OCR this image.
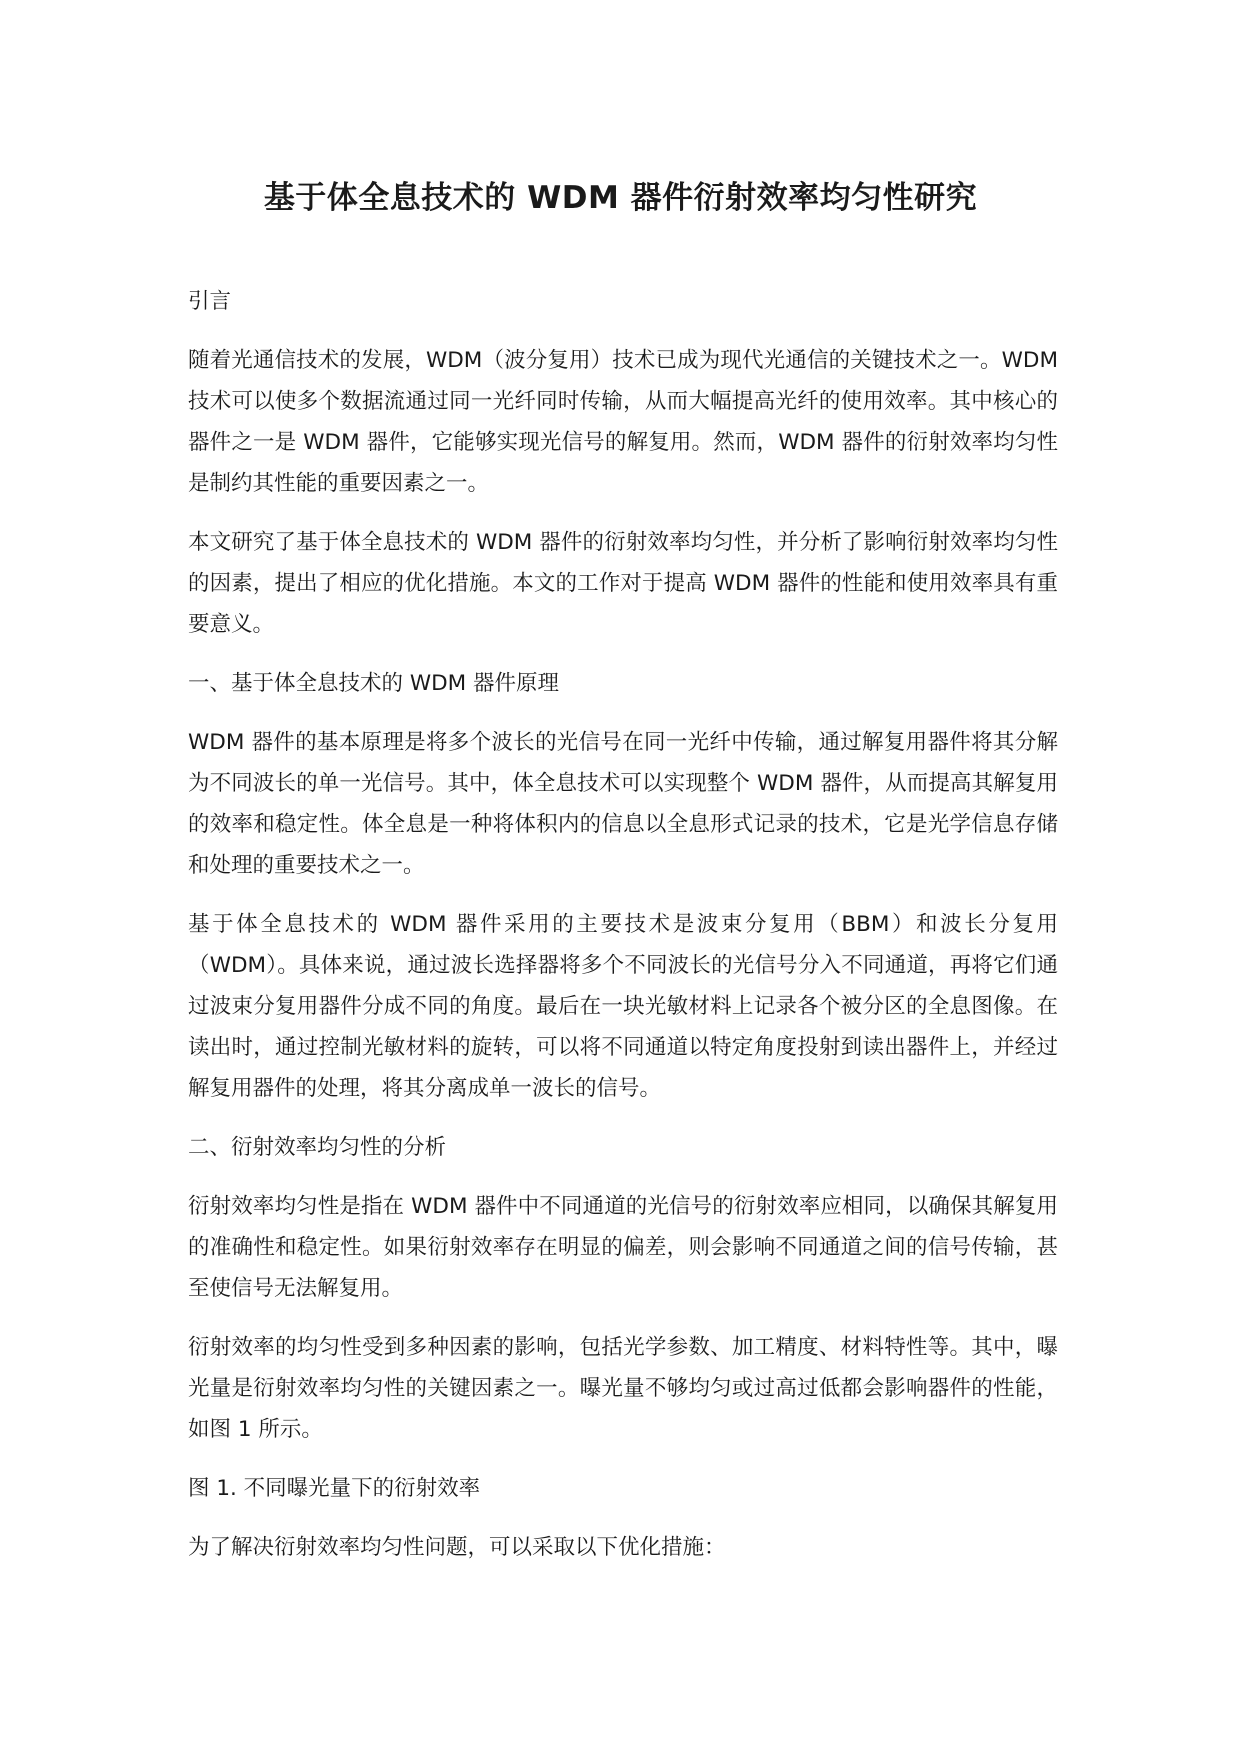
基于体全息技术的 WDM 器件衍射效率均匀性研究

引言

随着光通信技术的发展，WDM（波分复用）技术已成为现代光通信的关键技术之一。WDM 技术可以使多个数据流通过同一光纤同时传输，从而大幅提高光纤的使用效率。其中核心的器件之一是 WDM 器件，它能够实现光信号的解复用。然而，WDM 器件的衍射效率均匀性是制约其性能的重要因素之一。

本文研究了基于体全息技术的 WDM 器件的衍射效率均匀性，并分析了影响衍射效率均匀性的因素，提出了相应的优化措施。本文的工作对于提高 WDM 器件的性能和使用效率具有重要意义。

一、基于体全息技术的 WDM 器件原理

WDM 器件的基本原理是将多个波长的光信号在同一光纤中传输，通过解复用器件将其分解为不同波长的单一光信号。其中，体全息技术可以实现整个 WDM 器件，从而提高其解复用的效率和稳定性。体全息是一种将体积内的信息以全息形式记录的技术，它是光学信息存储和处理的重要技术之一。

基于体全息技术的 WDM 器件采用的主要技术是波束分复用（BBM）和波长分复用（WDM）。具体来说，通过波长选择器将多个不同波长的光信号分入不同通道，再将它们通过波束分复用器件分成不同的角度。最后在一块光敏材料上记录各个被分区的全息图像。在读出时，通过控制光敏材料的旋转，可以将不同通道以特定角度投射到读出器件上，并经过解复用器件的处理，将其分离成单一波长的信号。

二、衍射效率均匀性的分析

衍射效率均匀性是指在 WDM 器件中不同通道的光信号的衍射效率应相同，以确保其解复用的准确性和稳定性。如果衍射效率存在明显的偏差，则会影响不同通道之间的信号传输，甚至使信号无法解复用。

衍射效率的均匀性受到多种因素的影响，包括光学参数、加工精度、材料特性等。其中，曝光量是衍射效率均匀性的关键因素之一。曝光量不够均匀或过高过低都会影响器件的性能，如图 1 所示。

图 1. 不同曝光量下的衍射效率

为了解决衍射效率均匀性问题，可以采取以下优化措施：
